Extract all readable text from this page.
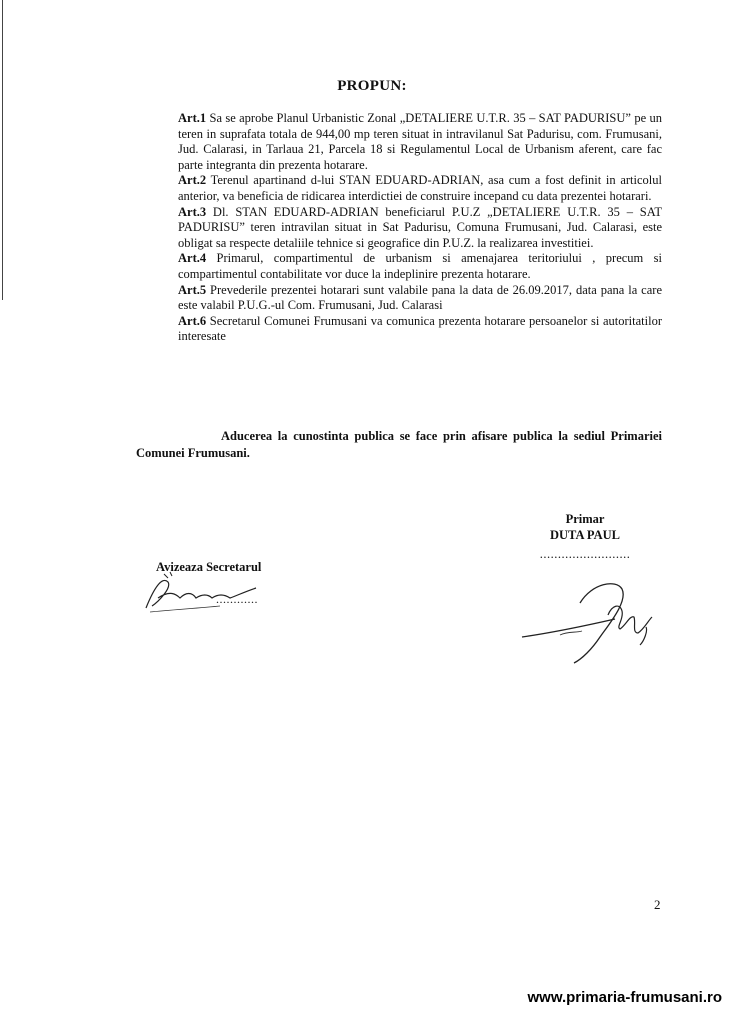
PROPUN:

Art.1 Sa se aprobe Planul Urbanistic Zonal „DETALIERE U.T.R. 35 – SAT PADURISU” pe un teren in suprafata totala de 944,00 mp teren situat in intravilanul Sat Padurisu, com. Frumusani, Jud. Calarasi, in Tarlaua 21, Parcela 18 si Regulamentul Local de Urbanism aferent, care fac parte integranta din prezenta hotarare.

Art.2 Terenul apartinand d-lui STAN EDUARD-ADRIAN, asa cum a fost definit in articolul anterior, va beneficia de ridicarea interdictiei de construire incepand cu data prezentei hotarari.

Art.3 Dl. STAN EDUARD-ADRIAN beneficiarul P.U.Z „DETALIERE U.T.R. 35 – SAT PADURISU” teren intravilan situat in Sat Padurisu, Comuna Frumusani, Jud. Calarasi, este obligat sa respecte detaliile tehnice si geografice din P.U.Z. la realizarea investitiei.

Art.4 Primarul, compartimentul de urbanism si amenajarea teritoriului , precum si compartimentul contabilitate vor duce la indeplinire prezenta hotarare.

Art.5 Prevederile prezentei hotarari sunt valabile pana la data de 26.09.2017, data pana la care este valabil P.U.G.-ul Com. Frumusani, Jud. Calarasi

Art.6 Secretarul Comunei Frumusani va comunica prezenta hotarare persoanelor si autoritatilor interesate

Aducerea la cunostinta publica se face prin afisare publica la sediul Primariei Comunei Frumusani.
Primar
DUTA PAUL
.........................
Avizeaza Secretarul
............
2
www.primaria-frumusani.ro
